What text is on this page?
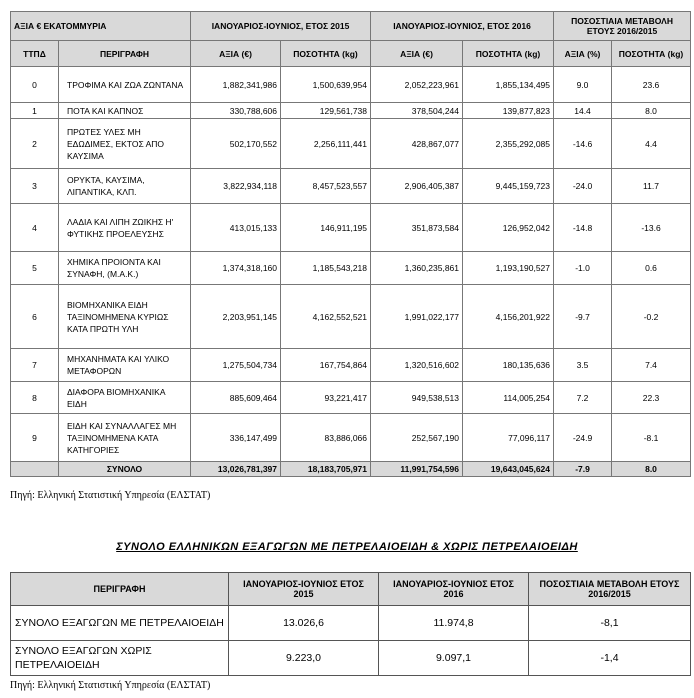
ΑΞΙΑ € ΕΚΑΤΟΜΜΥΡΙΑ		ΙΑΝΟΥΑΡΙΟΣ-ΙΟΥΝΙΟΣ, ΕΤΟΣ 2015		ΙΑΝΟΥΑΡΙΟΣ-ΙΟΥΝΙΟΣ, ΕΤΟΣ 2016		ΠΟΣΟΣΤΙΑΙΑ ΜΕΤΑΒΟΛΗ ΕΤΟΥΣ 2016/2015	
ΤΤΠΔ	ΠΕΡΙΓΡΑΦΗ	ΑΞΙΑ (€)	ΠΟΣΟΤΗΤΑ (kg)	ΑΞΙΑ (€)	ΠΟΣΟΤΗΤΑ (kg)	ΑΞΙΑ (%)	ΠΟΣΟΤΗΤΑ (kg)
0	ΤΡΟΦΙΜΑ ΚΑΙ ΖΩΑ ΖΩΝΤΑΝΑ	1,882,341,986	1,500,639,954	2,052,223,961	1,855,134,495	9.0	23.6
1	ΠΟΤΑ ΚΑΙ ΚΑΠΝΟΣ	330,788,606	129,561,738	378,504,244	139,877,823	14.4	8.0
2	ΠΡΩΤΕΣ ΥΛΕΣ ΜΗ ΕΔΩΔΙΜΕΣ, ΕΚΤΟΣ ΑΠΟ ΚΑΥΣΙΜΑ	502,170,552	2,256,111,441	428,867,077	2,355,292,085	-14.6	4.4
3	ΟΡΥΚΤΑ, ΚΑΥΣΙΜΑ, ΛΙΠΑΝΤΙΚΑ, ΚΛΠ.	3,822,934,118	8,457,523,557	2,906,405,387	9,445,159,723	-24.0	11.7
4	ΛΑΔΙΑ ΚΑΙ ΛΙΠΗ ΖΩΙΚΗΣ Η' ΦΥΤΙΚΗΣ ΠΡΟΕΛΕΥΣΗΣ	413,015,133	146,911,195	351,873,584	126,952,042	-14.8	-13.6
5	ΧΗΜΙΚΑ ΠΡΟΙΟΝΤΑ ΚΑΙ ΣΥΝΑΦΗ, (Μ.Α.Κ.)	1,374,318,160	1,185,543,218	1,360,235,861	1,193,190,527	-1.0	0.6
6	ΒΙΟΜΗΧΑΝΙΚΑ ΕΙΔΗ ΤΑΞΙΝΟΜΗΜΕΝΑ ΚΥΡΙΩΣ ΚΑΤΑ ΠΡΩΤΗ ΥΛΗ	2,203,951,145	4,162,552,521	1,991,022,177	4,156,201,922	-9.7	-0.2
7	ΜΗΧΑΝΗΜΑΤΑ ΚΑΙ ΥΛΙΚΟ ΜΕΤΑΦΟΡΩΝ	1,275,504,734	167,754,864	1,320,516,602	180,135,636	3.5	7.4
8	ΔΙΑΦΟΡΑ ΒΙΟΜΗΧΑΝΙΚΑ ΕΙΔΗ	885,609,464	93,221,417	949,538,513	114,005,254	7.2	22.3
9	ΕΙΔΗ ΚΑΙ ΣΥΝΑΛΛΑΓΕΣ ΜΗ ΤΑΞΙΝΟΜΗΜΕΝΑ ΚΑΤΑ ΚΑΤΗΓΟΡΙΕΣ	336,147,499	83,886,066	252,567,190	77,096,117	-24.9	-8.1
	ΣΥΝΟΛΟ	13,026,781,397	18,183,705,971	11,991,754,596	19,643,045,624	-7.9	8.0
Πηγή: Ελληνική Στατιστική Υπηρεσία (ΕΛΣΤΑΤ)
ΣΥΝΟΛΟ ΕΛΛΗΝΙΚΩΝ ΕΞΑΓΩΓΩΝ ΜΕ ΠΕΤΡΕΛΑΙΟΕΙΔΗ & ΧΩΡΙΣ ΠΕΤΡΕΛΑΙΟΕΙΔΗ
ΠΕΡΙΓΡΑΦΗ	ΙΑΝΟΥΑΡΙΟΣ-ΙΟΥΝΙΟΣ ΕΤΟΣ 2015	ΙΑΝΟΥΑΡΙΟΣ-ΙΟΥΝΙΟΣ ΕΤΟΣ 2016	ΠΟΣΟΣΤΙΑΙΑ ΜΕΤΑΒΟΛΗ ΕΤΟΥΣ 2016/2015
ΣΥΝΟΛΟ ΕΞΑΓΩΓΩΝ ΜΕ ΠΕΤΡΕΛΑΙΟΕΙΔΗ	13.026,6	11.974,8	-8,1
ΣΥΝΟΛΟ ΕΞΑΓΩΓΩΝ ΧΩΡΙΣ ΠΕΤΡΕΛΑΙΟΕΙΔΗ	9.223,0	9.097,1	-1,4
Πηγή: Ελληνική Στατιστική Υπηρεσία (ΕΛΣΤΑΤ)
